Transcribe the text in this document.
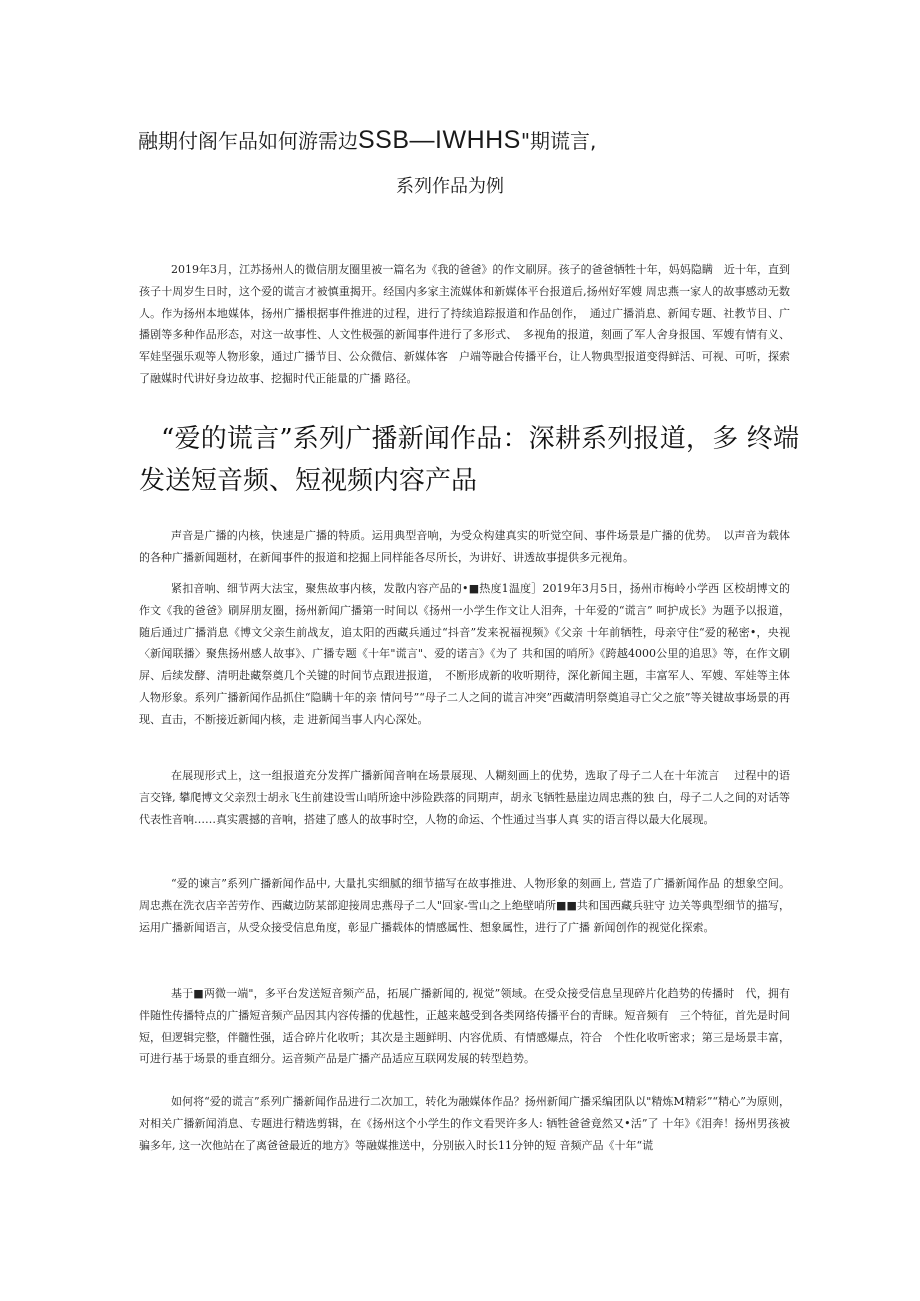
融期付阁乍品如何游需边SSB—IWHHS"期谎言,
系列作品为例

2019年3月，江苏扬州人的微信朋友圈里被一篇名为《我的爸爸》的作文刷屏。孩子的爸爸牺牲十年，妈妈隐瞒　近十年，直到孩子十周岁生日时，这个爱的谎言才被慎重揭开。经国内多家主流媒体和新媒体平台报道后,扬州好军嫂 周忠燕一家人的故事感动无数人。作为扬州本地媒体，扬州广播根据事件推进的过程，进行了持续追踪报道和作品创作，　通过广播消息、新闻专题、社教节目、广播剧等多种作品形态，对这一故事性、人文性极强的新闻事件进行了多形式、　多视角的报道，刻画了军人舍身报国、军嫂有情有义、军娃坚强乐观等人物形象，通过广播节目、公众微信、新媒体客　户端等融合传播平台，让人物典型报道变得鲜活、可视、可听，探索了融媒时代讲好身边故事、挖掘时代正能量的广播 路径。

“爱的谎言”系列广播新闻作品：深耕系列报道，多 终端发送短音频、短视频内容产品

声音是广播的内核，快速是广播的特质。运用典型音响，为受众构建真实的听觉空间、事件场景是广播的优势。　以声音为载体的各种广播新闻题材，在新闻事件的报道和挖掘上同样能各尽所长，为讲好、讲透故事提供多元视角。

紧扣音响、细节两大法宝，聚焦故事内核，发散内容产品的•■热度1温度］2019年3月5日，扬州市梅岭小学西 区校胡博文的作文《我的爸爸》刷屏朋友圈，扬州新闻广播第一时间以《扬州一小学生作文让人泪奔，十年爱的“谎言” 呵护成长》为题予以报道，随后通过广播消息《博文父亲生前战友，追太阳的西藏兵通过“抖音”发来祝福视频》《父亲 十年前牺牲，母亲守住“爱的秘密•，央视〈新闻联播〉聚焦扬州感人故事》、广播专题《十年"谎言"、爱的诺言》《为了 共和国的哨所》《跨越4000公里的追思》等，在作文刷屏、后续发酵、清明赴藏祭奠几个关键的时间节点跟进报道，　不断形成新的收听期待，深化新闻主题，丰富军人、军嫂、军娃等主体人物形象。系列广播新闻作品抓住“隐瞒十年的亲 情问号”“母子二人之间的谎言冲突”西藏清明祭奠追寻亡父之旅”等关键故事场景的再现、直击，不断接近新闻内核，走 进新闻当事人内心深处。

在展现形式上，这一组报道充分发挥广播新闻音响在场景展现、人糊刻画上的优势，选取了母子二人在十年流言 　过程中的语言交锋, 攀爬博文父亲烈士胡永飞生前建设雪山哨所途中涉险跌落的同期声，胡永飞牺牲悬崖边周忠燕的独 白，母子二人之间的对话等代表性音响……真实震撼的音响，搭建了感人的故事时空，人物的命运、个性通过当事人真 实的语言得以最大化展现。

“爱的谏言”系列广播新闻作品中, 大量扎实细腻的细节描写在故事推进、人物形象的刻画上, 营造了广播新闻作品 的想象空间。周忠燕在洗衣店辛苦劳作、西藏边防某部迎接周忠燕母子二人"回家-雪山之上绝壁哨所■■共和国西藏兵驻守 边关等典型细节的描写，运用广播新闻语言，从受众接受信息角度，彰显广播载体的情感属性、想象属性，进行了广播 新闻创作的视觉化探索。

基于■两微一端"，多平台发送短音频产品，拓展广播新闻的, 视觉”领域。在受众接受信息呈现碎片化趋势的传播时　代，拥有伴随性传播特点的广播短音频产品因其内容传播的优越性，正越来越受到各类网络传播平台的青睐。短音频有　三个特征，首先是时间短，但逻辑完整，伴髓性强，适合碎片化收听；其次是主题鲜明、内容优质、有情感爆点，符合　个性化收听密求；第三是场景丰富，可进行基于场景的垂直细分。运音频产品是广播产品适应互联网发展的转型趋势。

如何将“爱的谎言”系列广播新闻作品进行二次加工，转化为融媒体作品？扬州新闻广播采编团队以"精炼M精彩”“精心”为原则，对相关广播新闻消息、专题进行精选剪辑，在《扬州这个小学生的作文看哭许多人: 牺牲爸爸竟然又•活”了 十年》《泪奔！扬州男孩被骗多年, 这一次他站在了离爸爸最近的地方》等融媒推送中，分别嵌入时长11分钟的短 音频产品《十年“谎
